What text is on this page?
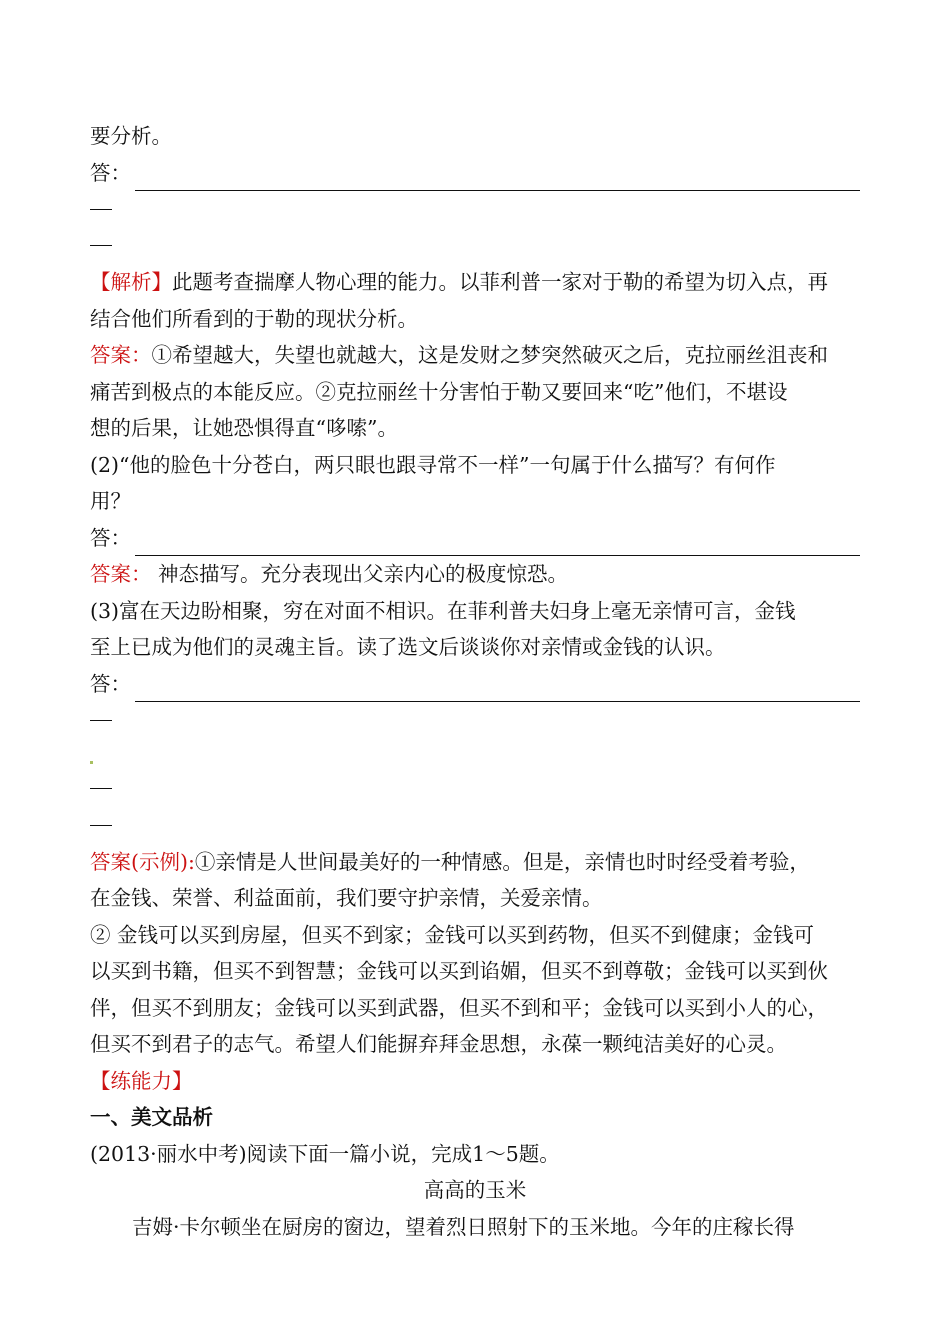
要分析。
答：
【解析】此题考查揣摩人物心理的能力。以菲利普一家对于勒的希望为切入点，再
结合他们所看到的于勒的现状分析。
答案：①希望越大，失望也就越大，这是发财之梦突然破灭之后，克拉丽丝沮丧和
痛苦到极点的本能反应。②克拉丽丝十分害怕于勒又要回来“吃”他们，不堪设
想的后果，让她恐惧得直“哆嗦”。
(2)“他的脸色十分苍白，两只眼也跟寻常不一样”一句属于什么描写？有何作
用？
答：
答案： 神态描写。充分表现出父亲内心的极度惊恐。
(3)富在天边盼相聚，穷在对面不相识。在菲利普夫妇身上毫无亲情可言，金钱
至上已成为他们的灵魂主旨。读了选文后谈谈你对亲情或金钱的认识。
答：
答案(示例):①亲情是人世间最美好的一种情感。但是，亲情也时时经受着考验，
在金钱、荣誉、利益面前，我们要守护亲情，关爱亲情。
② 金钱可以买到房屋，但买不到家；金钱可以买到药物，但买不到健康；金钱可
以买到书籍，但买不到智慧；金钱可以买到谄媚，但买不到尊敬；金钱可以买到伙
伴，但买不到朋友；金钱可以买到武器，但买不到和平；金钱可以买到小人的心，
但买不到君子的志气。希望人们能摒弃拜金思想，永葆一颗纯洁美好的心灵。
【练能力】
一、美文品析
(2013·丽水中考)阅读下面一篇小说，完成1～5题。
高高的玉米
吉姆·卡尔顿坐在厨房的窗边，望着烈日照射下的玉米地。今年的庄稼长得
